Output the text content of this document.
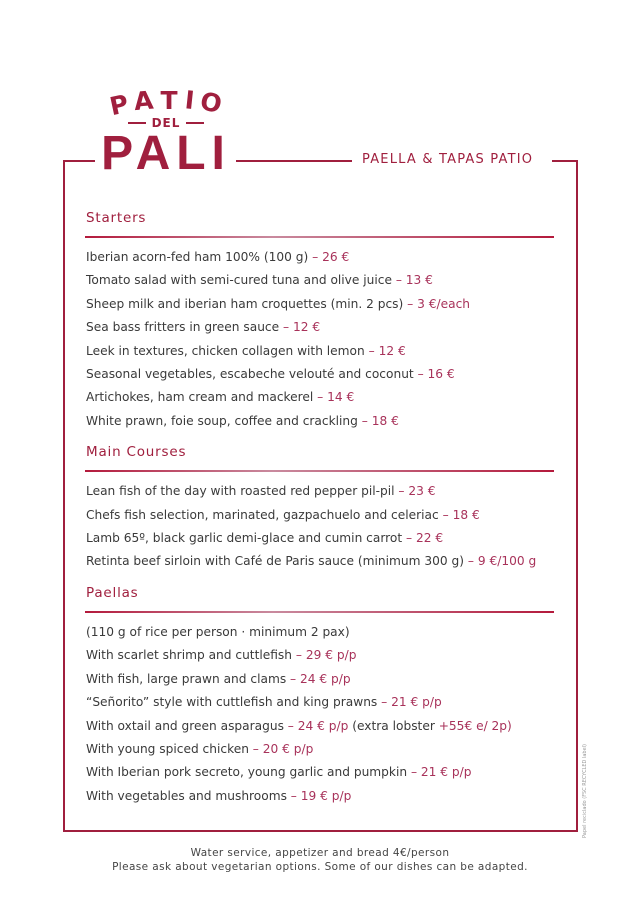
PATIO
DEL
PALI	PAELLA & TAPAS PATIO
Starters
Iberian acorn-fed ham 100% (100 g) – 26 €
Tomato salad with semi-cured tuna and olive juice – 13 €
Sheep milk and iberian ham croquettes (min. 2 pcs) – 3 €/each
Sea bass fritters in green sauce – 12 €
Leek in textures, chicken collagen with lemon – 12 €
Seasonal vegetables, escabeche velouté and coconut – 16 €
Artichokes, ham cream and mackerel – 14 €
White prawn, foie soup, coffee and crackling – 18 €
Main Courses
Lean fish of the day with roasted red pepper pil-pil – 23 €
Chefs fish selection, marinated, gazpachuelo and celeriac – 18 €
Lamb 65º, black garlic demi-glace and cumin carrot – 22 €
Retinta beef sirloin with Café de Paris sauce (minimum 300 g) – 9 €/100 g
Paellas
(110 g of rice per person · minimum 2 pax)
With scarlet shrimp and cuttlefish – 29 € p/p
With fish, large prawn and clams – 24 € p/p
“Señorito” style with cuttlefish and king prawns – 21 € p/p
With oxtail and green asparagus – 24 € p/p (extra lobster +55€ e/ 2p)
With young spiced chicken – 20 € p/p
With Iberian pork secreto, young garlic and pumpkin – 21 € p/p
With vegetables and mushrooms – 19 € p/p	Papel reciclado (FSC RECYCLED label)
Water service, appetizer and bread 4€/person
Please ask about vegetarian options. Some of our dishes can be adapted.
